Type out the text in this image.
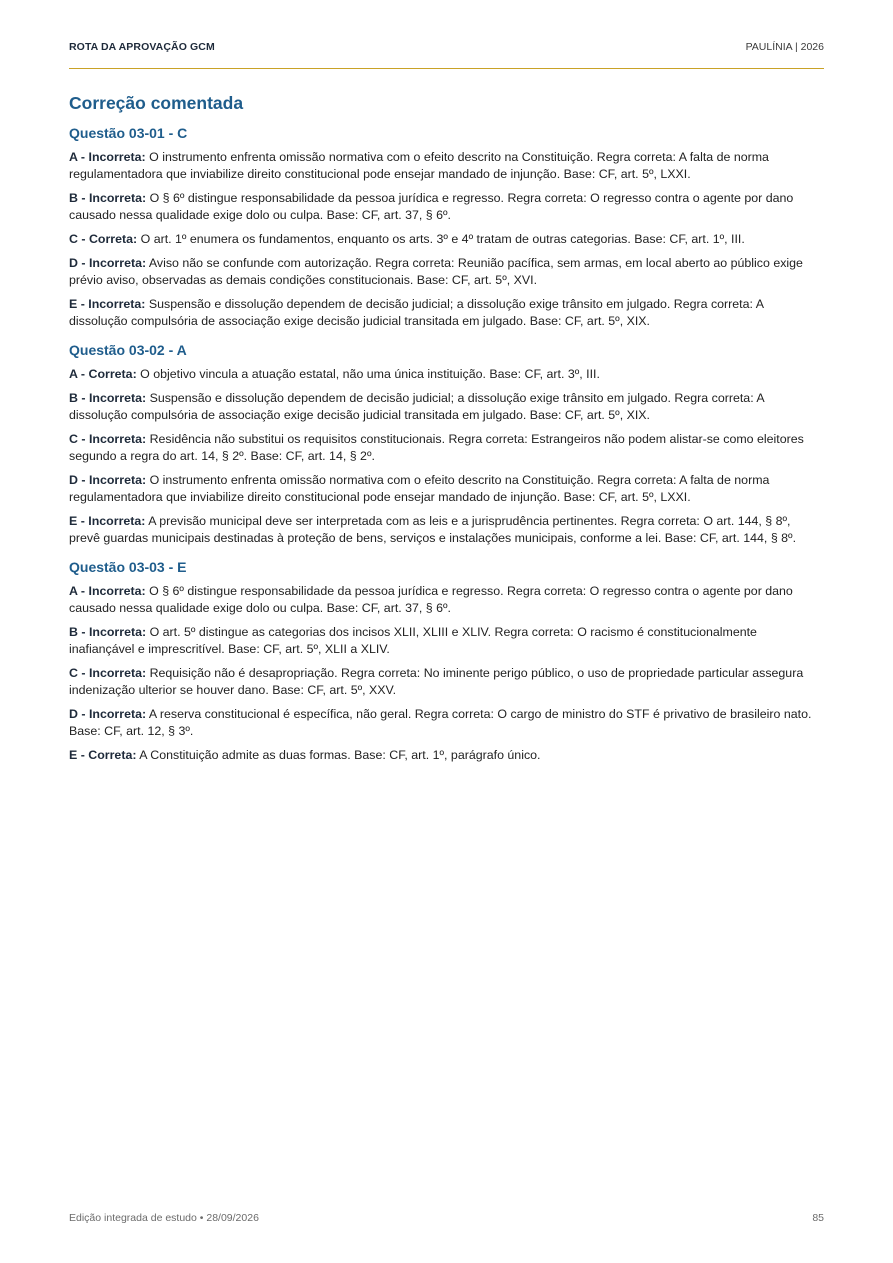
ROTA DA APROVAÇÃO GCM	PAULÍNIA | 2026
Correção comentada
Questão 03-01 - C

A - Incorreta: O instrumento enfrenta omissão normativa com o efeito descrito na Constituição. Regra correta: A falta de norma regulamentadora que inviabilize direito constitucional pode ensejar mandado de injunção. Base: CF, art. 5º, LXXI.

B - Incorreta: O § 6º distingue responsabilidade da pessoa jurídica e regresso. Regra correta: O regresso contra o agente por dano causado nessa qualidade exige dolo ou culpa. Base: CF, art. 37, § 6º.

C - Correta: O art. 1º enumera os fundamentos, enquanto os arts. 3º e 4º tratam de outras categorias. Base: CF, art. 1º, III.

D - Incorreta: Aviso não se confunde com autorização. Regra correta: Reunião pacífica, sem armas, em local aberto ao público exige prévio aviso, observadas as demais condições constitucionais. Base: CF, art. 5º, XVI.

E - Incorreta: Suspensão e dissolução dependem de decisão judicial; a dissolução exige trânsito em julgado. Regra correta: A dissolução compulsória de associação exige decisão judicial transitada em julgado. Base: CF, art. 5º, XIX.

Questão 03-02 - A

A - Correta: O objetivo vincula a atuação estatal, não uma única instituição. Base: CF, art. 3º, III.

B - Incorreta: Suspensão e dissolução dependem de decisão judicial; a dissolução exige trânsito em julgado. Regra correta: A dissolução compulsória de associação exige decisão judicial transitada em julgado. Base: CF, art. 5º, XIX.

C - Incorreta: Residência não substitui os requisitos constitucionais. Regra correta: Estrangeiros não podem alistar-se como eleitores segundo a regra do art. 14, § 2º. Base: CF, art. 14, § 2º.

D - Incorreta: O instrumento enfrenta omissão normativa com o efeito descrito na Constituição. Regra correta: A falta de norma regulamentadora que inviabilize direito constitucional pode ensejar mandado de injunção. Base: CF, art. 5º, LXXI.

E - Incorreta: A previsão municipal deve ser interpretada com as leis e a jurisprudência pertinentes. Regra correta: O art. 144, § 8º, prevê guardas municipais destinadas à proteção de bens, serviços e instalações municipais, conforme a lei. Base: CF, art. 144, § 8º.

Questão 03-03 - E

A - Incorreta: O § 6º distingue responsabilidade da pessoa jurídica e regresso. Regra correta: O regresso contra o agente por dano causado nessa qualidade exige dolo ou culpa. Base: CF, art. 37, § 6º.

B - Incorreta: O art. 5º distingue as categorias dos incisos XLII, XLIII e XLIV. Regra correta: O racismo é constitucionalmente inafiançável e imprescritível. Base: CF, art. 5º, XLII a XLIV.

C - Incorreta: Requisição não é desapropriação. Regra correta: No iminente perigo público, o uso de propriedade particular assegura indenização ulterior se houver dano. Base: CF, art. 5º, XXV.

D - Incorreta: A reserva constitucional é específica, não geral. Regra correta: O cargo de ministro do STF é privativo de brasileiro nato. Base: CF, art. 12, § 3º.

E - Correta: A Constituição admite as duas formas. Base: CF, art. 1º, parágrafo único.

Edição integrada de estudo • 28/09/2026	85
